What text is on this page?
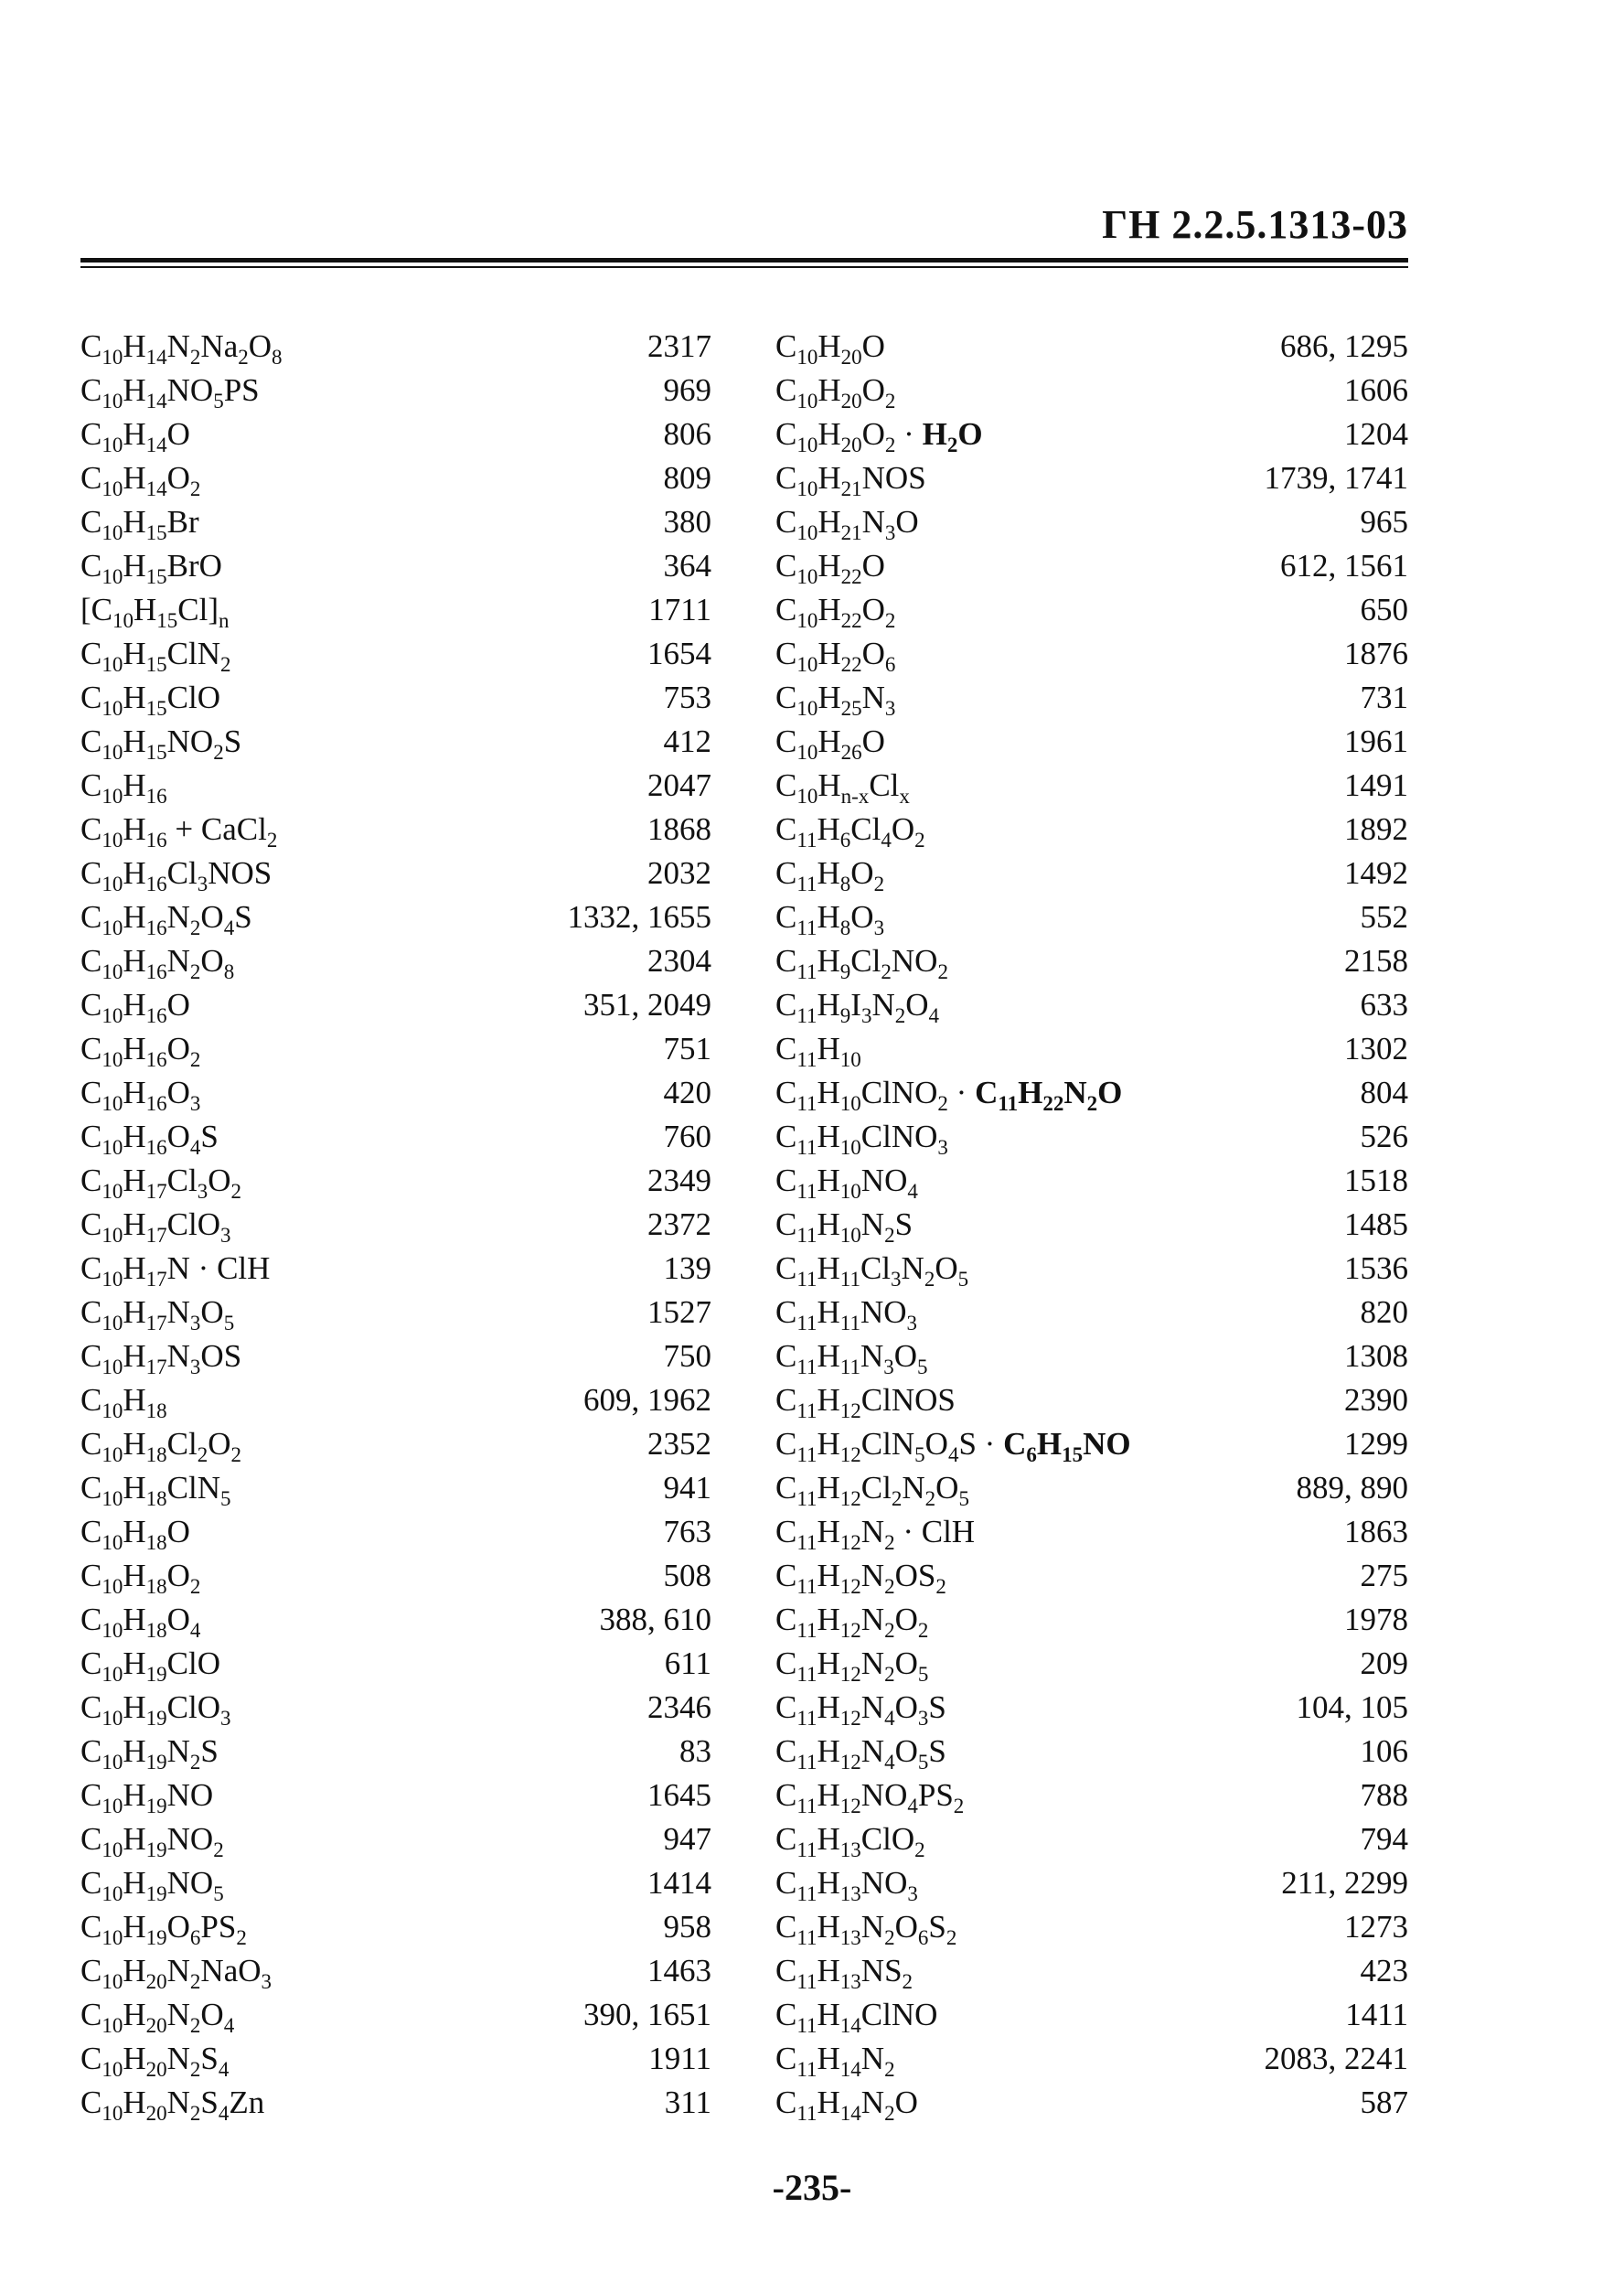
ГН 2.2.5.1313-03
$C_{10}H_{14}N_2Na_2O_8$	2317
$C_{10}H_{14}NO_5PS$	969
$C_{10}H_{14}O$	806
$C_{10}H_{14}O_2$	809
$C_{10}H_{15}Br$	380
$C_{10}H_{15}BrO$	364
$[C_{10}H_{15}Cl]_n$	1711
$C_{10}H_{15}ClN_2$	1654
$C_{10}H_{15}ClO$	753
$C_{10}H_{15}NO_2S$	412
$C_{10}H_{16}$	2047
$C_{10}H_{16}$ + CaCl$_2$	1868
$C_{10}H_{16}Cl_3NOS$	2032
$C_{10}H_{16}N_2O_4S$	1332, 1655
$C_{10}H_{16}N_2O_8$	2304
$C_{10}H_{16}O$	351, 2049
$C_{10}H_{16}O_2$	751
$C_{10}H_{16}O_3$	420
$C_{10}H_{16}O_4S$	760
$C_{10}H_{17}Cl_3O_2$	2349
$C_{10}H_{17}ClO_3$	2372
$C_{10}H_{17}N$ · ClH	139
$C_{10}H_{17}N_3O_5$	1527
$C_{10}H_{17}N_3OS$	750
$C_{10}H_{18}$	609, 1962
$C_{10}H_{18}Cl_2O_2$	2352
$C_{10}H_{18}ClN_5$	941
$C_{10}H_{18}O$	763
$C_{10}H_{18}O_2$	508
$C_{10}H_{18}O_4$	388, 610
$C_{10}H_{19}ClO$	611
$C_{10}H_{19}ClO_3$	2346
$C_{10}H_{19}N_2S$	83
$C_{10}H_{19}NO$	1645
$C_{10}H_{19}NO_2$	947
$C_{10}H_{19}NO_5$	1414
$C_{10}H_{19}O_6PS_2$	958
$C_{10}H_{20}N_2NaO_3$	1463
$C_{10}H_{20}N_2O_4$	390, 1651
$C_{10}H_{20}N_2S_4$	1911
$C_{10}H_{20}N_2S_4Zn$	311
$C_{10}H_{20}O$	686, 1295
$C_{10}H_{20}O_2$	1606
$C_{10}H_{20}O_2 \cdot H_2O$	1204
$C_{10}H_{21}NOS$	1739, 1741
$C_{10}H_{21}N_3O$	965
$C_{10}H_{22}O$	612, 1561
$C_{10}H_{22}O_2$	650
$C_{10}H_{22}O_6$	1876
$C_{10}H_{25}N_3$	731
$C_{10}H_{26}O$	1961
$C_{10}H_{n-x}Cl_x$	1491
$C_{11}H_6Cl_4O_2$	1892
$C_{11}H_8O_2$	1492
$C_{11}H_8O_3$	552
$C_{11}H_9Cl_2NO_2$	2158
$C_{11}H_9I_3N_2O_4$	633
$C_{11}H_{10}$	1302
$C_{11}H_{10}ClNO_2 \cdot C_{11}H_{22}N_2O$	804
$C_{11}H_{10}ClNO_3$	526
$C_{11}H_{10}NO_4$	1518
$C_{11}H_{10}N_2S$	1485
$C_{11}H_{11}Cl_3N_2O_5$	1536
$C_{11}H_{11}NO_3$	820
$C_{11}H_{11}N_3O_5$	1308
$C_{11}H_{12}ClNOS$	2390
$C_{11}H_{12}ClN_5O_4S \cdot C_6H_{15}NO$	1299
$C_{11}H_{12}Cl_2N_2O_5$	889, 890
$C_{11}H_{12}N_2$ · ClH	1863
$C_{11}H_{12}N_2OS_2$	275
$C_{11}H_{12}N_2O_2$	1978
$C_{11}H_{12}N_2O_5$	209
$C_{11}H_{12}N_4O_3S$	104, 105
$C_{11}H_{12}N_4O_5S$	106
$C_{11}H_{12}NO_4PS_2$	788
$C_{11}H_{13}ClO_2$	794
$C_{11}H_{13}NO_3$	211, 2299
$C_{11}H_{13}N_2O_6S_2$	1273
$C_{11}H_{13}NS_2$	423
$C_{11}H_{14}ClNO$	1411
$C_{11}H_{14}N_2$	2083, 2241
$C_{11}H_{14}N_2O$	587
-235-
